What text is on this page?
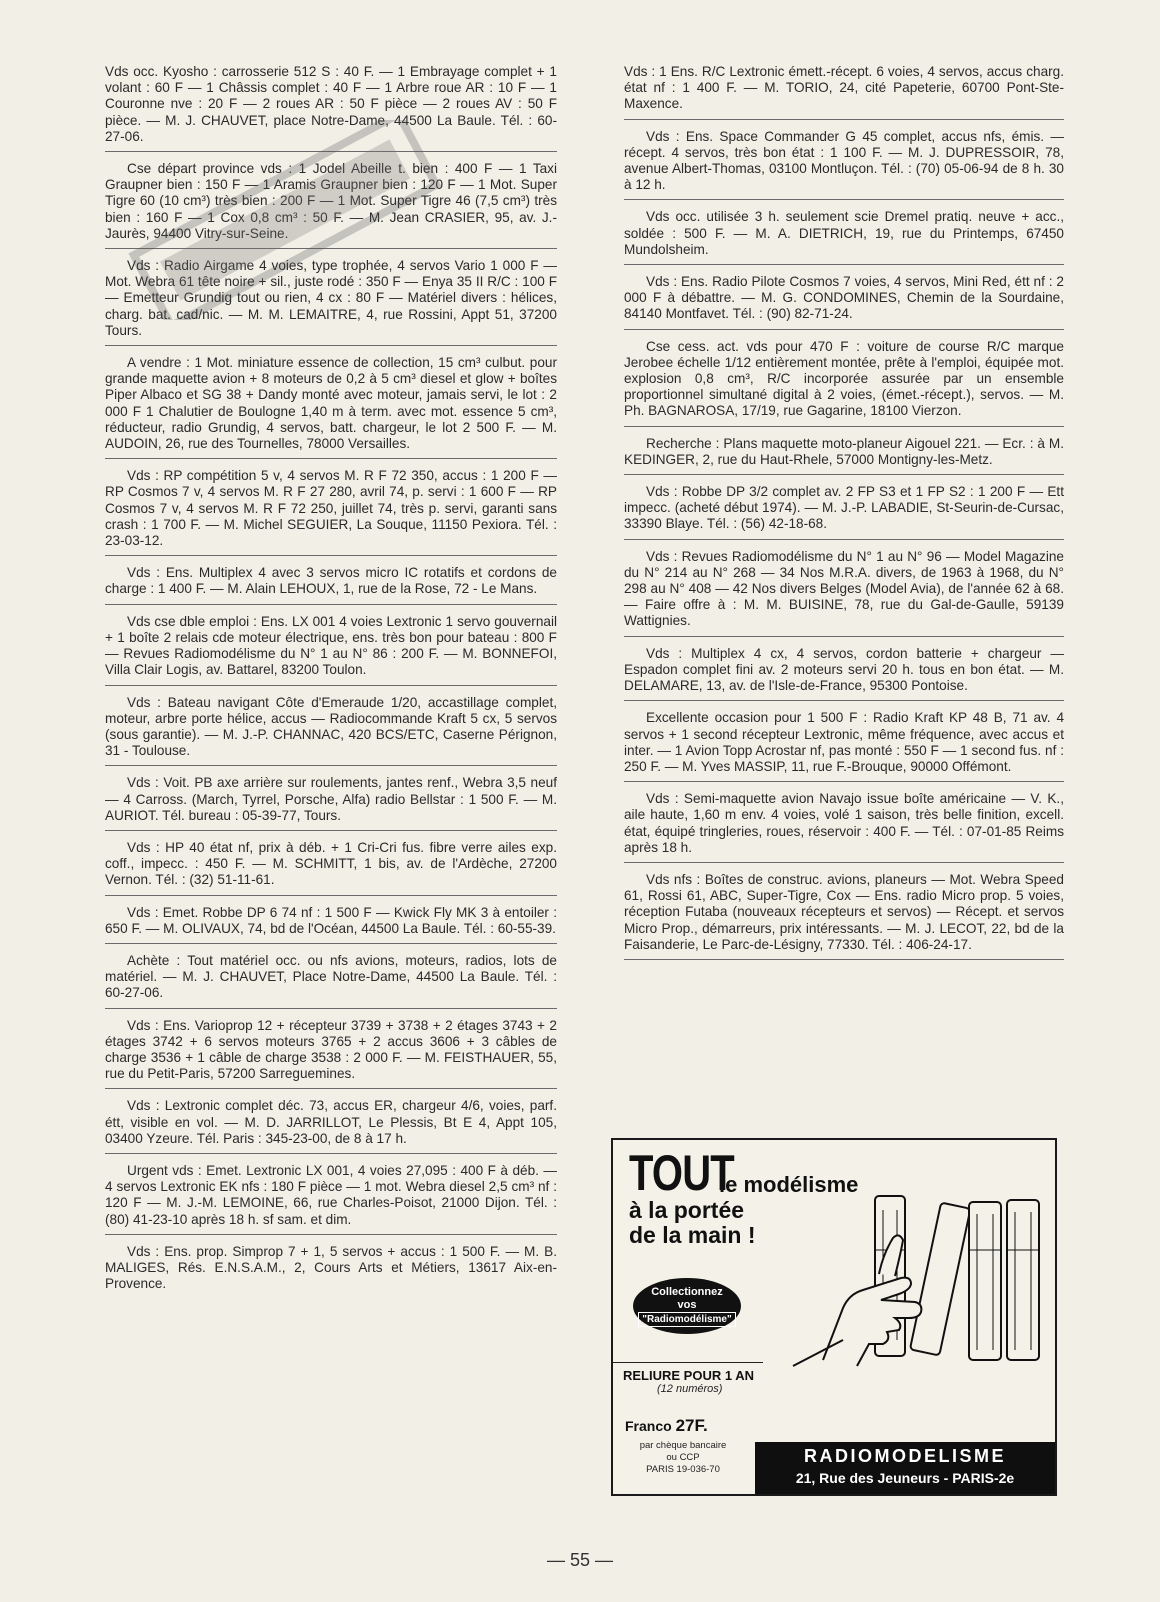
Vds occ. Kyosho : carrosserie 512 S : 40 F. — 1 Embrayage complet + 1 volant : 60 F — 1 Châssis complet : 40 F — 1 Arbre roue AR : 10 F — 1 Couronne nve : 20 F — 2 roues AR : 50 F pièce — 2 roues AV : 50 F pièce. — M. J. CHAUVET, place Notre-Dame, 44500 La Baule. Tél. : 60-27-06.

Cse départ province vds : 1 Jodel Abeille t. bien : 400 F — 1 Taxi Graupner bien : 150 F — 1 Aramis Graupner bien : 120 F — 1 Mot. Super Tigre 60 (10 cm³) très bien : 200 F — 1 Mot. Super Tigre 46 (7,5 cm³) très bien : 160 F — 1 Cox 0,8 cm³ : 50 F. — M. Jean CRASIER, 95, av. J.-Jaurès, 94400 Vitry-sur-Seine.

Vds : Radio Airgame 4 voies, type trophée, 4 servos Vario 1 000 F — Mot. Webra 61 tête noire + sil., juste rodé : 350 F — Enya 35 II R/C : 100 F — Emetteur Grundig tout ou rien, 4 cx : 80 F — Matériel divers : hélices, charg. bat. cad/nic. — M. M. LEMAITRE, 4, rue Rossini, Appt 51, 37200 Tours.

A vendre : 1 Mot. miniature essence de collection, 15 cm³ culbut. pour grande maquette avion + 8 moteurs de 0,2 à 5 cm³ diesel et glow + boîtes Piper Albaco et SG 38 + Dandy monté avec moteur, jamais servi, le lot : 2 000 F 1 Chalutier de Boulogne 1,40 m à term. avec mot. essence 5 cm³, réducteur, radio Grundig, 4 servos, batt. chargeur, le lot 2 500 F. — M. AUDOIN, 26, rue des Tournelles, 78000 Versailles.

Vds : RP compétition 5 v, 4 servos M. R F 72 350, accus : 1 200 F — RP Cosmos 7 v, 4 servos M. R F 27 280, avril 74, p. servi : 1 600 F — RP Cosmos 7 v, 4 servos M. R F 72 250, juillet 74, très p. servi, garanti sans crash : 1 700 F. — M. Michel SEGUIER, La Souque, 11150 Pexiora. Tél. : 23-03-12.

Vds : Ens. Multiplex 4 avec 3 servos micro IC rotatifs et cordons de charge : 1 400 F. — M. Alain LEHOUX, 1, rue de la Rose, 72 - Le Mans.

Vds cse dble emploi : Ens. LX 001 4 voies Lextronic 1 servo gouvernail + 1 boîte 2 relais cde moteur électrique, ens. très bon pour bateau : 800 F — Revues Radiomodélisme du N° 1 au N° 86 : 200 F. — M. BONNEFOI, Villa Clair Logis, av. Battarel, 83200 Toulon.

Vds : Bateau navigant Côte d'Emeraude 1/20, accastillage complet, moteur, arbre porte hélice, accus — Radiocommande Kraft 5 cx, 5 servos (sous garantie). — M. J.-P. CHANNAC, 420 BCS/ETC, Caserne Pérignon, 31 - Toulouse.

Vds : Voit. PB axe arrière sur roulements, jantes renf., Webra 3,5 neuf — 4 Carross. (March, Tyrrel, Porsche, Alfa) radio Bellstar : 1 500 F. — M. AURIOT. Tél. bureau : 05-39-77, Tours.

Vds : HP 40 état nf, prix à déb. + 1 Cri-Cri fus. fibre verre ailes exp. coff., impecc. : 450 F. — M. SCHMITT, 1 bis, av. de l'Ardèche, 27200 Vernon. Tél. : (32) 51-11-61.

Vds : Emet. Robbe DP 6 74 nf : 1 500 F — Kwick Fly MK 3 à entoiler : 650 F. — M. OLIVAUX, 74, bd de l'Océan, 44500 La Baule. Tél. : 60-55-39.

Achète : Tout matériel occ. ou nfs avions, moteurs, radios, lots de matériel. — M. J. CHAUVET, Place Notre-Dame, 44500 La Baule. Tél. : 60-27-06.

Vds : Ens. Varioprop 12 + récepteur 3739 + 3738 + 2 étages 3743 + 2 étages 3742 + 6 servos moteurs 3765 + 2 accus 3606 + 3 câbles de charge 3536 + 1 câble de charge 3538 : 2 000 F. — M. FEISTHAUER, 55, rue du Petit-Paris, 57200 Sarreguemines.

Vds : Lextronic complet déc. 73, accus ER, chargeur 4/6, voies, parf. étt, visible en vol. — M. D. JARRILLOT, Le Plessis, Bt E 4, Appt 105, 03400 Yzeure. Tél. Paris : 345-23-00, de 8 à 17 h.

Urgent vds : Emet. Lextronic LX 001, 4 voies 27,095 : 400 F à déb. — 4 servos Lextronic EK nfs : 180 F pièce — 1 mot. Webra diesel 2,5 cm³ nf : 120 F — M. J.-M. LEMOINE, 66, rue Charles-Poisot, 21000 Dijon. Tél. : (80) 41-23-10 après 18 h. sf sam. et dim.

Vds : Ens. prop. Simprop 7 + 1, 5 servos + accus : 1 500 F. — M. B. MALIGES, Rés. E.N.S.A.M., 2, Cours Arts et Métiers, 13617 Aix-en-Provence.

Vds : 1 Ens. R/C Lextronic émett.-récept. 6 voies, 4 servos, accus charg. état nf : 1 400 F. — M. TORIO, 24, cité Papeterie, 60700 Pont-Ste-Maxence.

Vds : Ens. Space Commander G 45 complet, accus nfs, émis. — récept. 4 servos, très bon état : 1 100 F. — M. J. DUPRESSOIR, 78, avenue Albert-Thomas, 03100 Montluçon. Tél. : (70) 05-06-94 de 8 h. 30 à 12 h.

Vds occ. utilisée 3 h. seulement scie Dremel pratiq. neuve + acc., soldée : 500 F. — M. A. DIETRICH, 19, rue du Printemps, 67450 Mundolsheim.

Vds : Ens. Radio Pilote Cosmos 7 voies, 4 servos, Mini Red, étt nf : 2 000 F à débattre. — M. G. CONDOMINES, Chemin de la Sourdaine, 84140 Montfavet. Tél. : (90) 82-71-24.

Cse cess. act. vds pour 470 F : voiture de course R/C marque Jerobee échelle 1/12 entièrement montée, prête à l'emploi, équipée mot. explosion 0,8 cm³, R/C incorporée assurée par un ensemble proportionnel simultané digital à 2 voies, (émet.-récept.), servos. — M. Ph. BAGNAROSA, 17/19, rue Gagarine, 18100 Vierzon.

Recherche : Plans maquette moto-planeur Aigouel 221. — Ecr. : à M. KEDINGER, 2, rue du Haut-Rhele, 57000 Montigny-les-Metz.

Vds : Robbe DP 3/2 complet av. 2 FP S3 et 1 FP S2 : 1 200 F — Ett impecc. (acheté début 1974). — M. J.-P. LABADIE, St-Seurin-de-Cursac, 33390 Blaye. Tél. : (56) 42-18-68.

Vds : Revues Radiomodélisme du N° 1 au N° 96 — Model Magazine du N° 214 au N° 268 — 34 Nos M.R.A. divers, de 1963 à 1968, du N° 298 au N° 408 — 42 Nos divers Belges (Model Avia), de l'année 62 à 68. — Faire offre à : M. M. BUISINE, 78, rue du Gal-de-Gaulle, 59139 Wattignies.

Vds : Multiplex 4 cx, 4 servos, cordon batterie + chargeur — Espadon complet fini av. 2 moteurs servi 20 h. tous en bon état. — M. DELAMARE, 13, av. de l'Isle-de-France, 95300 Pontoise.

Excellente occasion pour 1 500 F : Radio Kraft KP 48 B, 71 av. 4 servos + 1 second récepteur Lextronic, même fréquence, avec accus et inter. — 1 Avion Topp Acrostar nf, pas monté : 550 F — 1 second fus. nf : 250 F. — M. Yves MASSIP, 11, rue F.-Brouque, 90000 Offémont.

Vds : Semi-maquette avion Navajo issue boîte américaine — V. K., aile haute, 1,60 m env. 4 voies, volé 1 saison, très belle finition, excell. état, équipé tringleries, roues, réservoir : 400 F. — Tél. : 07-01-85 Reims après 18 h.

Vds nfs : Boîtes de construc. avions, planeurs — Mot. Webra Speed 61, Rossi 61, ABC, Super-Tigre, Cox — Ens. radio Micro prop. 5 voies, réception Futaba (nouveaux récepteurs et servos) — Récept. et servos Micro Prop., démarreurs, prix intéressants. — M. J. LECOT, 22, bd de la Faisanderie, Le Parc-de-Lésigny, 77330. Tél. : 406-24-17.

TOUT
le modélisme
à la portée
de la main !
Collectionnez
vos
"Radiomodélisme"
RELIURE POUR 1 AN
(12 numéros)
Franco 27F.
par chèque bancaire
ou CCP
PARIS 19-036-70
RADIOMODELISME
21, Rue des Jeuneurs - PARIS-2e
— 55 —
